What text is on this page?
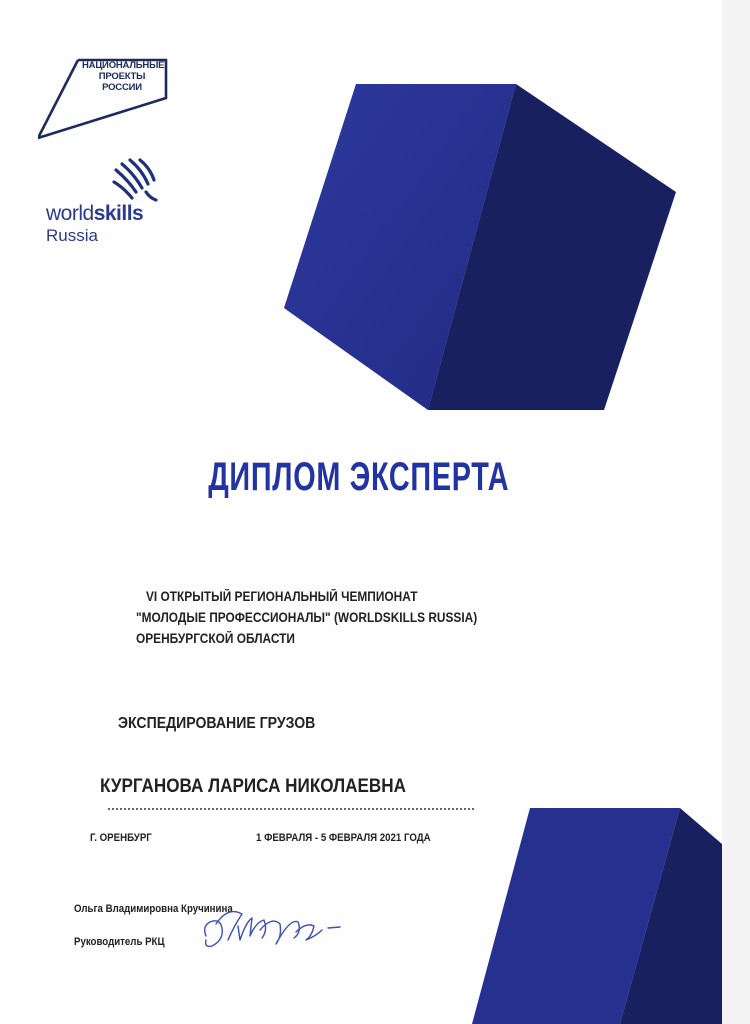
НАЦИОНАЛЬНЫЕ
ПРОЕКТЫ
РОССИИ
worldskills
Russia
ДИПЛОМ ЭКСПЕРТА
VI ОТКРЫТЫЙ РЕГИОНАЛЬНЫЙ ЧЕМПИОНАТ
"МОЛОДЫЕ ПРОФЕССИОНАЛЫ" (WORLDSKILLS RUSSIA)
ОРЕНБУРГСКОЙ ОБЛАСТИ
ЭКСПЕДИРОВАНИЕ ГРУЗОВ
КУРГАНОВА ЛАРИСА НИКОЛАЕВНА
Г. ОРЕНБУРГ	1 ФЕВРАЛЯ - 5 ФЕВРАЛЯ 2021 ГОДА
Ольга Владимировна Кручинина
Руководитель РКЦ
